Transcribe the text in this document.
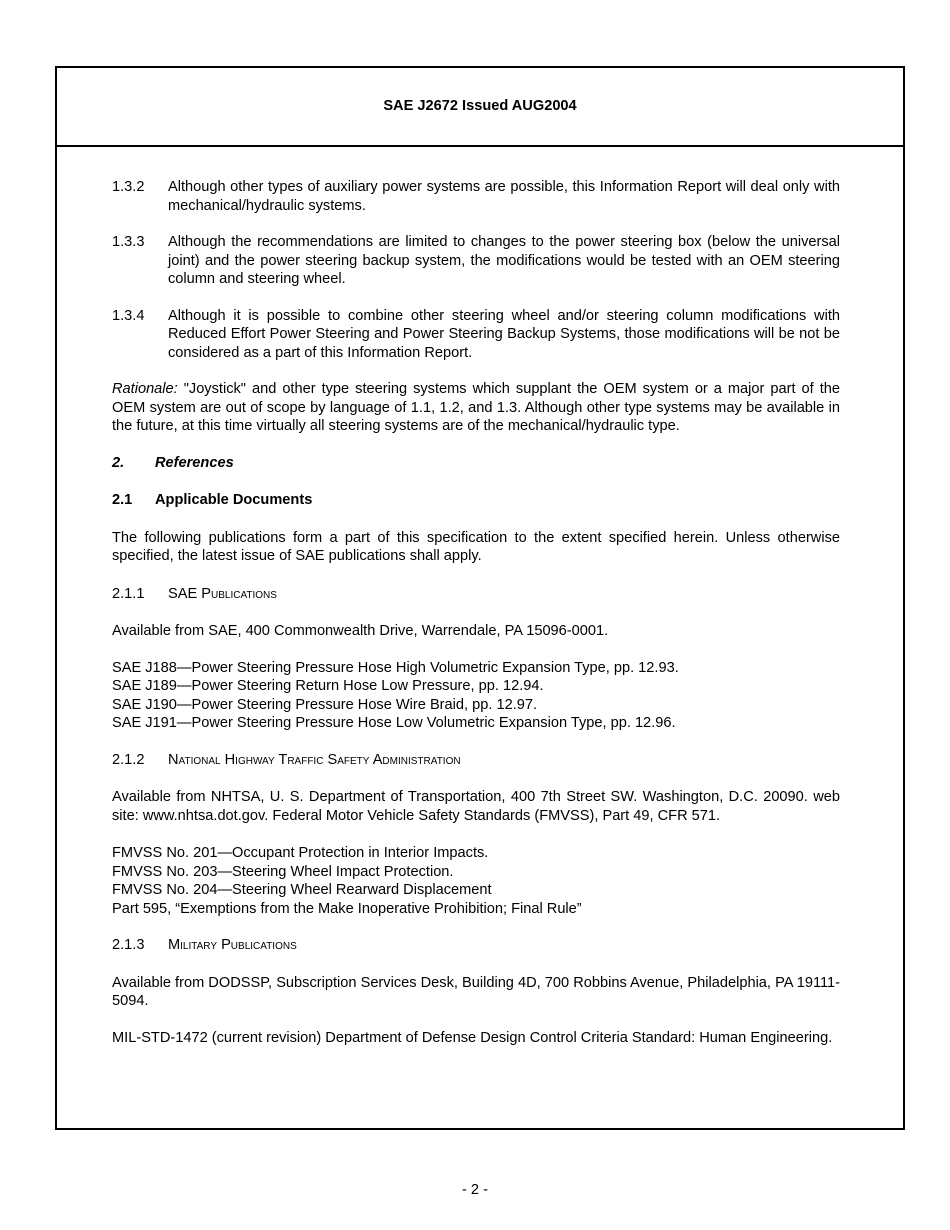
SAE J2672 Issued AUG2004
1.3.2	Although other types of auxiliary power systems are possible, this Information Report will deal only with mechanical/hydraulic systems.
1.3.3	Although the recommendations are limited to changes to the power steering box (below the universal joint) and the power steering backup system, the modifications would be tested with an OEM steering column and steering wheel.
1.3.4	Although it is possible to combine other steering wheel and/or steering column modifications with Reduced Effort Power Steering and Power Steering Backup Systems, those modifications will be not be considered as a part of this Information Report.

Rationale: "Joystick" and other type steering systems which supplant the OEM system or a major part of the OEM system are out of scope by language of 1.1, 1.2, and 1.3. Although other type systems may be available in the future, at this time virtually all steering systems are of the mechanical/hydraulic type.

2.	References
2.1	Applicable Documents

The following publications form a part of this specification to the extent specified herein. Unless otherwise specified, the latest issue of SAE publications shall apply.

2.1.1	SAE Publications

Available from SAE, 400 Commonwealth Drive, Warrendale, PA 15096-0001.

SAE J188—Power Steering Pressure Hose High Volumetric Expansion Type, pp. 12.93.

SAE J189—Power Steering Return Hose Low Pressure, pp. 12.94.

SAE J190—Power Steering Pressure Hose Wire Braid, pp. 12.97.

SAE J191—Power Steering Pressure Hose Low Volumetric Expansion Type, pp. 12.96.

2.1.2	National Highway Traffic Safety Administration

Available from NHTSA, U. S. Department of Transportation, 400 7th Street SW. Washington, D.C. 20090. web site: www.nhtsa.dot.gov. Federal Motor Vehicle Safety Standards (FMVSS), Part 49, CFR 571.

FMVSS No. 201—Occupant Protection in Interior Impacts.

FMVSS No. 203—Steering Wheel Impact Protection.

FMVSS No. 204—Steering Wheel Rearward Displacement

Part 595, “Exemptions from the Make Inoperative Prohibition; Final Rule”

2.1.3	Military Publications

Available from DODSSP, Subscription Services Desk, Building 4D, 700 Robbins Avenue, Philadelphia, PA 19111-5094.

MIL-STD-1472 (current revision) Department of Defense Design Control Criteria Standard: Human Engineering.

- 2 -
